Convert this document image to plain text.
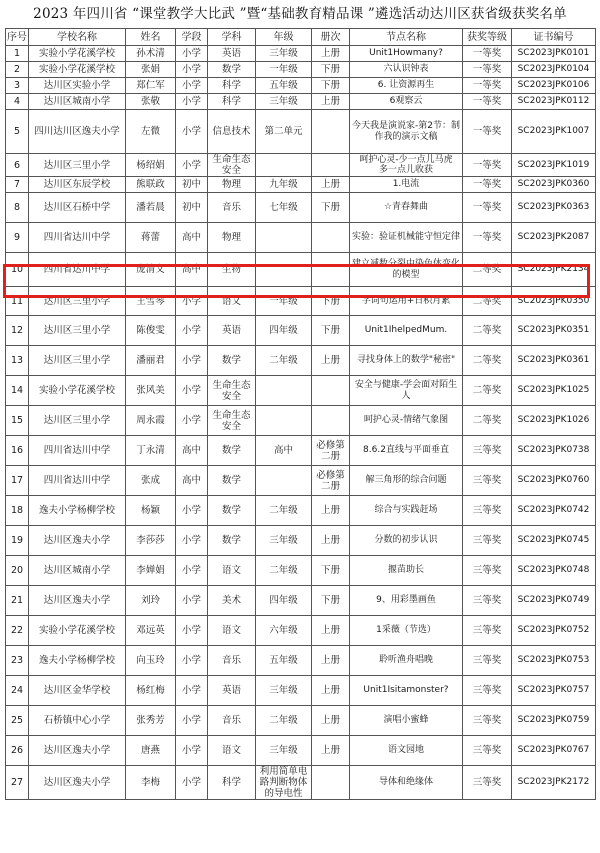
2023 年四川省 “课堂教学大比武 ”暨“基础教育精品课 ”遴选活动达川区获省级获奖名单
序号	学校名称	姓名	学段	学科	年级	册次	节点名称	获奖等级	证书编号
1	实验小学花溪学校	孙术清	小学	英语	三年级	上册	Unit1Howmany?	一等奖	SC2023JPK0101
2	实验小学花溪学校	张娟	小学	数学	一年级	下册	六认识钟表	一等奖	SC2023JPK0104
3	达川区实验小学	郑仁军	小学	科学	五年级	下册	6. 让资源再生	一等奖	SC2023JPK0106
4	达川区城南小学	张敬	小学	科学	三年级	上册	6观察云	一等奖	SC2023JPK0112
5	四川达川区逸夫小学	左微	小学	信息技术	第二单元		今天我是演说家-第2节：制作我的演示文稿	一等奖	SC2023JPK1007
6	达川区三里小学	杨绍娟	小学	生命生态安全			呵护心灵-少一点儿马虎　多一点儿收获	一等奖	SC2023JPK1019
7	达川区东辰学校	熊联政	初中	物理	九年级	上册	1.电流	一等奖	SC2023JPK0360
8	达川区石桥中学	潘若晨	初中	音乐	七年级	下册	☆青春舞曲	一等奖	SC2023JPK0363
9	四川省达川中学	蒋蕾	高中	物理			实验：验证机械能守恒定律	一等奖	SC2023JPK2087
10	四川省达川中学	庞清文	高中	生物			建立减数分裂中染色体变化的模型	二等奖	SC2023JPK2134
11	达川区三里小学	王雪琴	小学	语文	一年级	下册	字词句运用+日积月累	二等奖	SC2023JPK0350
12	达川区三里小学	陈俊雯	小学	英语	四年级	下册	Unit1IhelpedMum.	二等奖	SC2023JPK0351
13	达川区三里小学	潘丽君	小学	数学	二年级	上册	寻找身体上的数学"秘密"	二等奖	SC2023JPK0361
14	实验小学花溪学校	张风美	小学	生命生态安全			安全与健康-学会面对陌生人	二等奖	SC2023JPK1025
15	达川区三里小学	周永霞	小学	生命生态安全			呵护心灵-情绪气象图	二等奖	SC2023JPK1026
16	四川省达川中学	丁永清	高中	数学	高中	必修第二册	8.6.2直线与平面垂直	三等奖	SC2023JPK0738
17	四川省达川中学	张成	高中	数学		必修第二册	解三角形的综合问题	三等奖	SC2023JPK0760
18	逸夫小学杨柳学校	杨颖	小学	数学	二年级	上册	综合与实践赶场	三等奖	SC2023JPK0742
19	达川区逸夫小学	李莎莎	小学	数学	三年级	上册	分数的初步认识	三等奖	SC2023JPK0745
20	达川区城南小学	李婵娟	小学	语文	二年级	下册	揠苗助长	三等奖	SC2023JPK0748
21	达川区逸夫小学	刘玲	小学	美术	四年级	下册	9、用彩墨画鱼	三等奖	SC2023JPK0749
22	实验小学花溪学校	邓远英	小学	语文	六年级	上册	1采薇（节选）	三等奖	SC2023JPK0752
23	逸夫小学杨柳学校	向玉玲	小学	音乐	五年级	上册	聆听渔舟唱晚	三等奖	SC2023JPK0753
24	达川区金华学校	杨红梅	小学	英语	三年级	上册	Unit1Isitamonster?	三等奖	SC2023JPK0757
25	石桥镇中心小学	张秀芳	小学	音乐	二年级	上册	演唱小蜜蜂	三等奖	SC2023JPK0759
26	达川区逸夫小学	唐燕	小学	语文	三年级	上册	语文园地	三等奖	SC2023JPK0767
27	达川区逸夫小学	李梅	小学	科学	利用简单电路判断物体的导电性		导体和绝缘体	三等奖	SC2023JPK2172
